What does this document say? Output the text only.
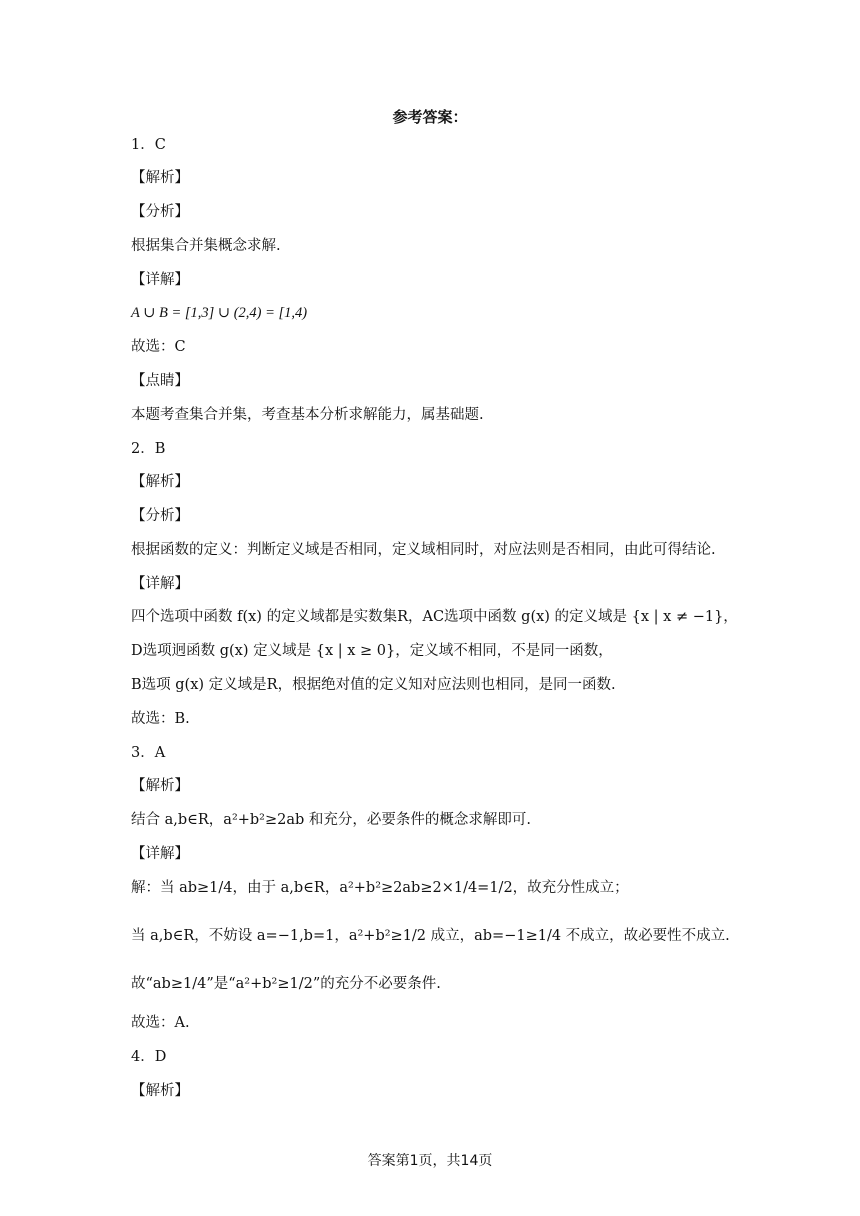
参考答案：
1．C
【解析】
【分析】
根据集合并集概念求解.
【详解】
A ∪ B = [1,3] ∪ (2,4) = [1,4)
故选：C
【点睛】
本题考查集合并集，考查基本分析求解能力，属基础题.
2．B
【解析】
【分析】
根据函数的定义：判断定义域是否相同，定义域相同时，对应法则是否相同，由此可得结论.
【详解】
四个选项中函数 f(x) 的定义域都是实数集R，AC选项中函数 g(x) 的定义域是 {x | x ≠ −1}，
D选项迥函数 g(x) 定义域是 {x | x ≥ 0}，定义域不相同，不是同一函数，
B选项 g(x) 定义域是R，根据绝对值的定义知对应法则也相同，是同一函数.
故选：B.
3．A
【解析】
结合 a,b∈R，a²+b²≥2ab 和充分，必要条件的概念求解即可.
【详解】
解：当 ab≥1/4，由于 a,b∈R，a²+b²≥2ab≥2×1/4=1/2，故充分性成立；
当 a,b∈R，不妨设 a=−1,b=1，a²+b²≥1/2 成立，ab=−1≥1/4 不成立，故必要性不成立.
故“ab≥1/4”是“a²+b²≥1/2”的充分不必要条件.
故选：A.
4．D
【解析】
答案第1页，共14页
